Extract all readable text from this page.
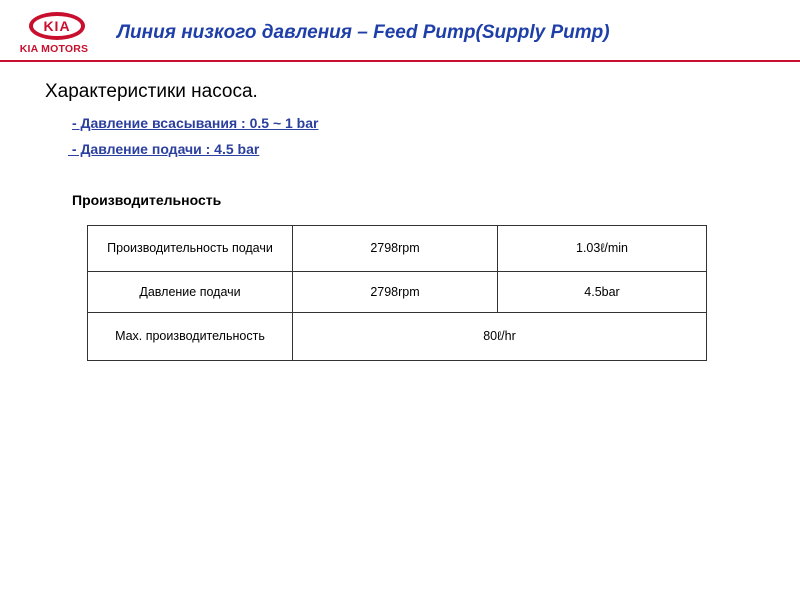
KIA
KIA MOTORS
Линия низкого давления – Feed Pump(Supply Pump)
Характеристики насоса.
- Давление всасывания : 0.5 ~ 1 bar
- Давление подачи : 4.5 bar
Производительность
Производительность подачи	2798rpm	1.03ℓ/min
Давление подачи	2798rpm	4.5bar
Max. производительность	80ℓ/hr	
